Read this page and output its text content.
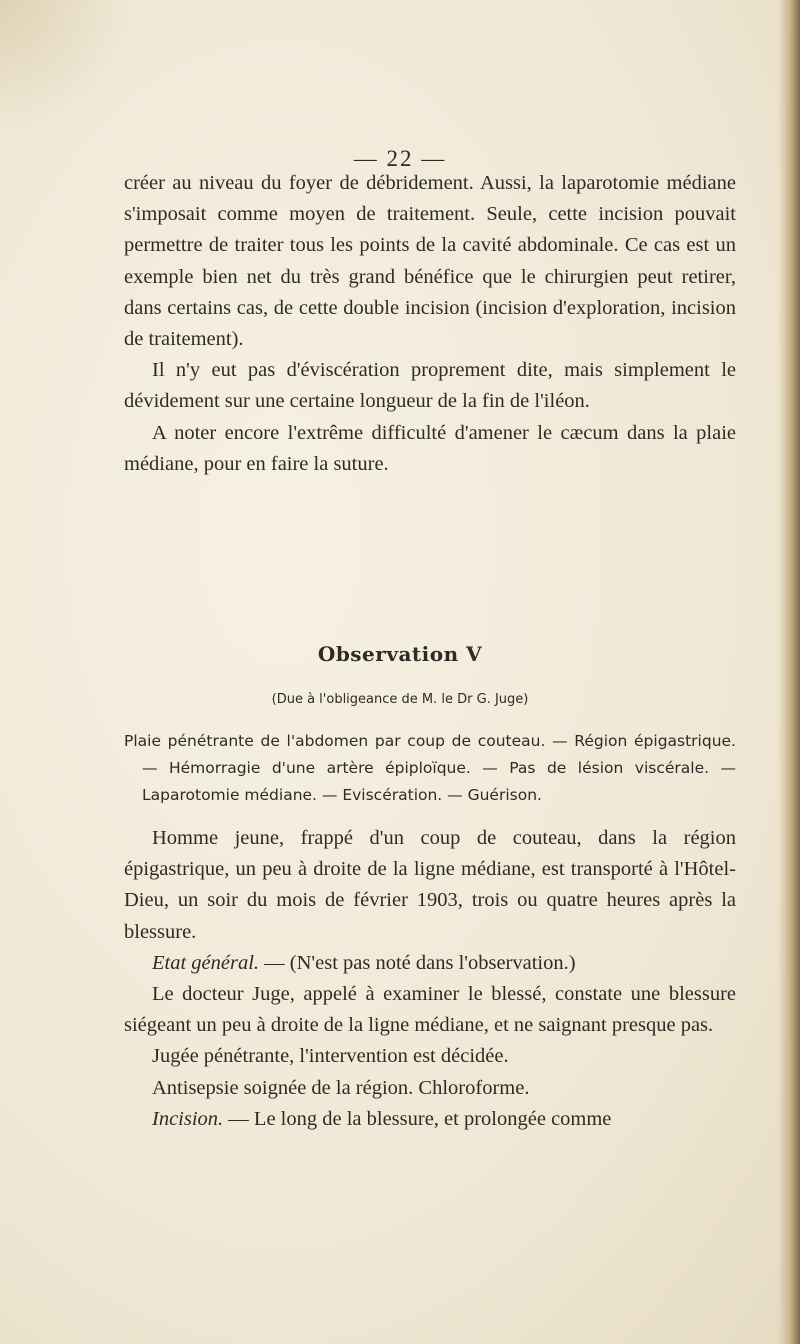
— 22 —

créer au niveau du foyer de débridement. Aussi, la laparotomie médiane s'imposait comme moyen de traitement. Seule, cette incision pouvait permettre de traiter tous les points de la cavité abdominale. Ce cas est un exemple bien net du très grand bénéfice que le chirurgien peut retirer, dans certains cas, de cette double incision (incision d'exploration, incision de traitement).

Il n'y eut pas d'éviscération proprement dite, mais simplement le dévidement sur une certaine longueur de la fin de l'iléon.

A noter encore l'extrême difficulté d'amener le cæcum dans la plaie médiane, pour en faire la suture.

Observation V
(Due à l'obligeance de M. le Dr G. Juge)

Plaie pénétrante de l'abdomen par coup de couteau. — Région épigastrique. — Hémorragie d'une artère épiploïque. — Pas de lésion viscérale. — Laparotomie médiane. — Eviscération. — Guérison.

Homme jeune, frappé d'un coup de couteau, dans la région épigastrique, un peu à droite de la ligne médiane, est transporté à l'Hôtel-Dieu, un soir du mois de février 1903, trois ou quatre heures après la blessure.

Etat général. — (N'est pas noté dans l'observation.)

Le docteur Juge, appelé à examiner le blessé, constate une blessure siégeant un peu à droite de la ligne médiane, et ne saignant presque pas.

Jugée pénétrante, l'intervention est décidée.

Antisepsie soignée de la région. Chloroforme.

Incision. — Le long de la blessure, et prolongée comme
